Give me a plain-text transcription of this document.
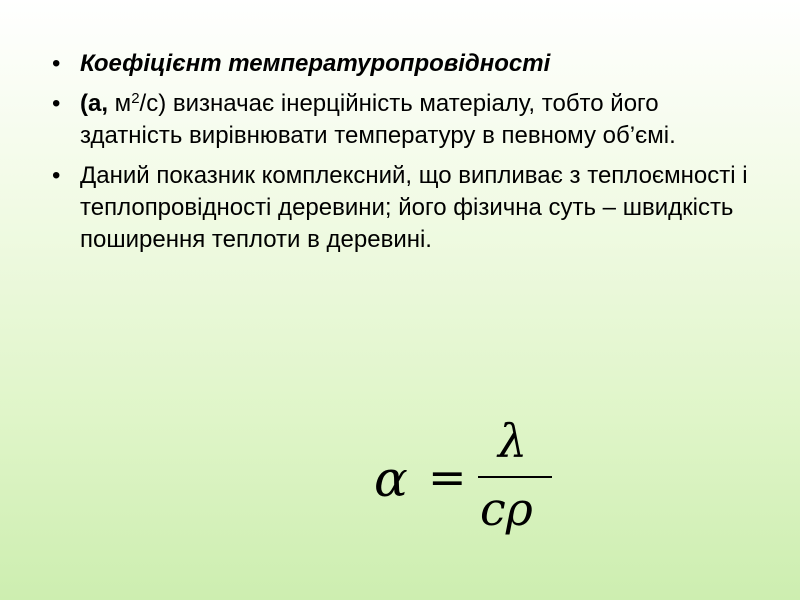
• Коефіцієнт температуропровідності
• (а, $м^2/с$) визначає інерційність матеріалу, тобто його здатність вирівнювати температуру в певному об’ємі.
• Даний показник комплексний, що випливає з теплоємності і теплопровідності деревини; його фізична суть – швидкість поширення теплоти в деревині.
α =
λ
cρ
